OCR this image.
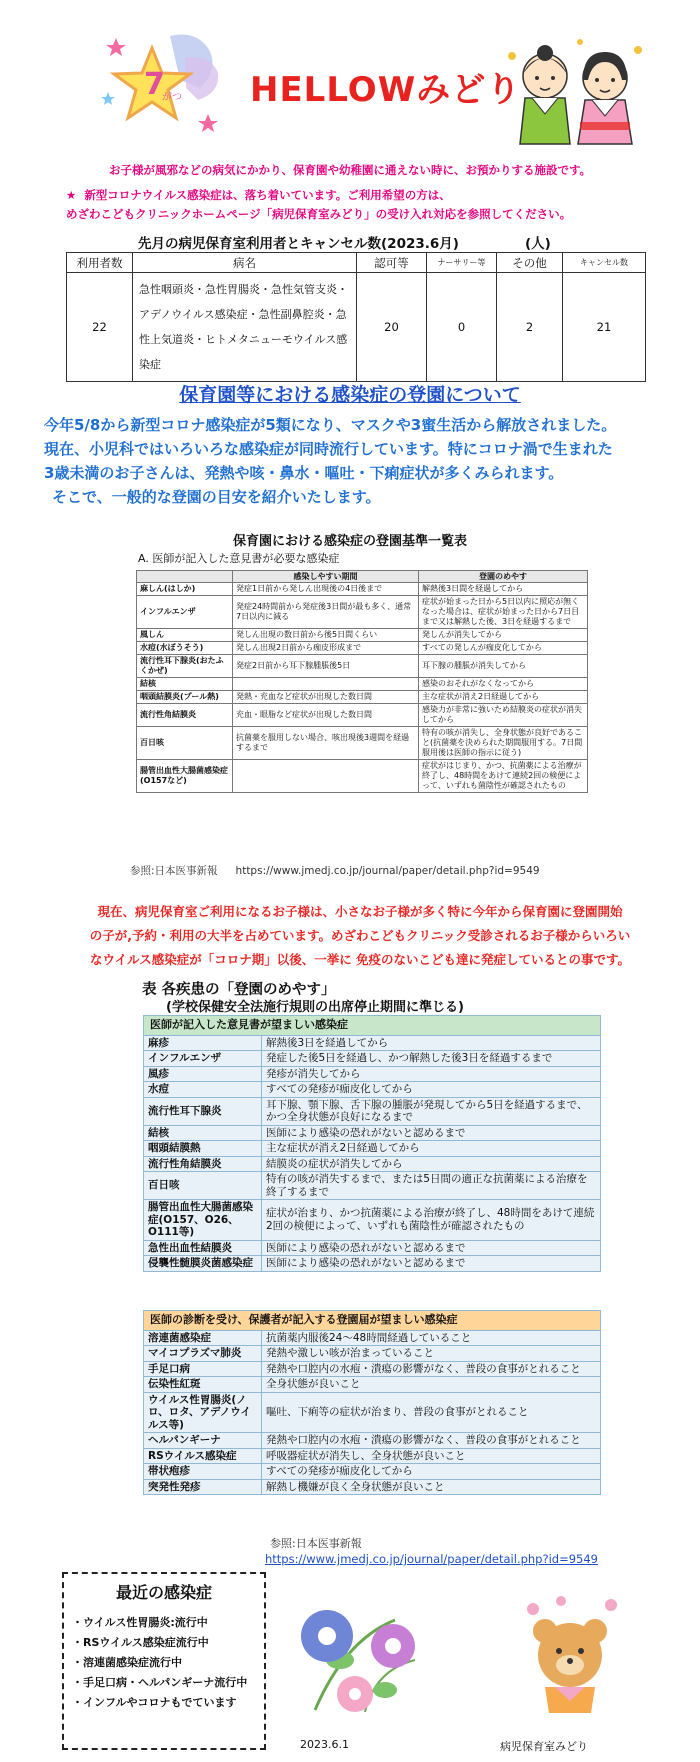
7
がつ HELLOWみどり
お子様が風邪などの病気にかかり、保育園や幼稚園に通えない時に、お預かりする施設です。
★ 新型コロナウイルス感染症は、落ち着いています。ご利用希望の方は、
めざわこどもクリニックホームページ「病児保育室みどり」の受け入れ対応を参照してください。
先月の病児保育室利用者とキャンセル数(2023.6月)	(人)
利用者数	病名	認可等	ナーサリー等	その他	キャンセル数
22	急性咽頭炎・急性胃腸炎・急性気管支炎・アデノウイルス感染症・急性副鼻腔炎・急性上気道炎・ヒトメタニューモウイルス感染症	20	0	2	21
保育園等における感染症の登園について
今年5/8から新型コロナ感染症が5類になり、マスクや3蜜生活から解放されました。
現在、小児科ではいろいろな感染症が同時流行しています。特にコロナ渦で生まれた
3歳未満のお子さんは、発熱や咳・鼻水・嘔吐・下痢症状が多くみられます。
そこで、一般的な登園の目安を紹介いたします。
保育園における感染症の登園基準一覧表
A. 医師が記入した意見書が必要な感染症
	感染しやすい期間	登園のめやす
麻しん(はしか)	発症1日前から発しん出現後の4日後まで	解熱後3日間を経過してから
インフルエンザ	発症24時間前から発症後3日間が最も多く、通常7日以内に減る	症状が始まった日から5日以内に照応が無くなった場合は、症状が始まった日から7日目まで又は解熱した後、3日を経過するまで
風しん	発しん出現の数日前から後5日間くらい	発しんが消失してから
水痘(水ぼうそう)	発しん出現2日前から痂皮形成まで	すべての発しんが痂皮化してから
流行性耳下腺炎(おたふくかぜ)	発症2日前から耳下腺腫脹後5日	耳下腺の腫脹が消失してから
結核		感染のおそれがなくなってから
咽頭結膜炎(プール熱)	発熱・充血など症状が出現した数日間	主な症状が消え2日経過してから
流行性角結膜炎	充血・眼脂など症状が出現した数日間	感染力が非常に強いため結膜炎の症状が消失してから
百日咳	抗菌薬を服用しない場合、咳出現後3週間を経過するまで	特有の咳が消失し、全身状態が良好であること(抗菌薬を決められた期間服用する。7日間服用後は医師の指示に従う)
腸管出血性大腸菌感染症(O157など)		症状がはじまり、かつ、抗菌薬による治療が終了し、48時間をあけて連続2回の検便によって、いずれも菌陰性が確認されたもの
参照:日本医事新報 https://www.jmedj.co.jp/journal/paper/detail.php?id=9549
現在、病児保育室ご利用になるお子様は、小さなお子様が多く特に今年から保育園に登園開始
の子が,予約・利用の大半を占めています。めざわこどもクリニック受診されるお子様からいろい
なウイルス感染症が「コロナ期」以後、一挙に 免疫のないこども達に発症しているとの事です。
表 各疾患の「登園のめやす」
(学校保健安全法施行規則の出席停止期間に準じる)
医師が記入した意見書が望ましい感染症	
麻疹	解熱後3日を経過してから
インフルエンザ	発症した後5日を経過し、かつ解熱した後3日を経過するまで
風疹	発疹が消失してから
水痘	すべての発疹が痂皮化してから
流行性耳下腺炎	耳下腺、顎下腺、舌下腺の腫脹が発現してから5日を経過するまで、かつ全身状態が良好になるまで
結核	医師により感染の恐れがないと認めるまで
咽頭結膜熱	主な症状が消え2日経過してから
流行性角結膜炎	結膜炎の症状が消失してから
百日咳	特有の咳が消失するまで、または5日間の適正な抗菌薬による治療を終了するまで
腸管出血性大腸菌感染症(O157、O26、O111等)	症状が治まり、かつ抗菌薬による治療が終了し、48時間をあけて連続2回の検便によって、いずれも菌陰性が確認されたもの
急性出血性結膜炎	医師により感染の恐れがないと認めるまで
侵襲性髄膜炎菌感染症	医師により感染の恐れがないと認めるまで
医師の診断を受け、保護者が記入する登園届が望ましい感染症	
溶連菌感染症	抗菌薬内服後24〜48時間経過していること
マイコプラズマ肺炎	発熱や激しい咳が治まっていること
手足口病	発熱や口腔内の水疱・潰瘍の影響がなく、普段の食事がとれること
伝染性紅斑	全身状態が良いこと
ウイルス性胃腸炎(ノロ、ロタ、アデノウイルス等)	嘔吐、下痢等の症状が治まり、普段の食事がとれること
ヘルパンギーナ	発熱や口腔内の水疱・潰瘍の影響がなく、普段の食事がとれること
RSウイルス感染症	呼吸器症状が消失し、全身状態が良いこと
帯状疱疹	すべての発疹が痂皮化してから
突発性発疹	解熱し機嫌が良く全身状態が良いこと
参照:日本医事新報
https://www.jmedj.co.jp/journal/paper/detail.php?id=9549
最近の感染症
・ ウイルス性胃腸炎:流行中
・ RSウイルス感染症流行中
・ 溶連菌感染症流行中
・ 手足口病・ヘルパンギーナ流行中
・ インフルやコロナもでています
2023.6.1	病児保育室みどり
